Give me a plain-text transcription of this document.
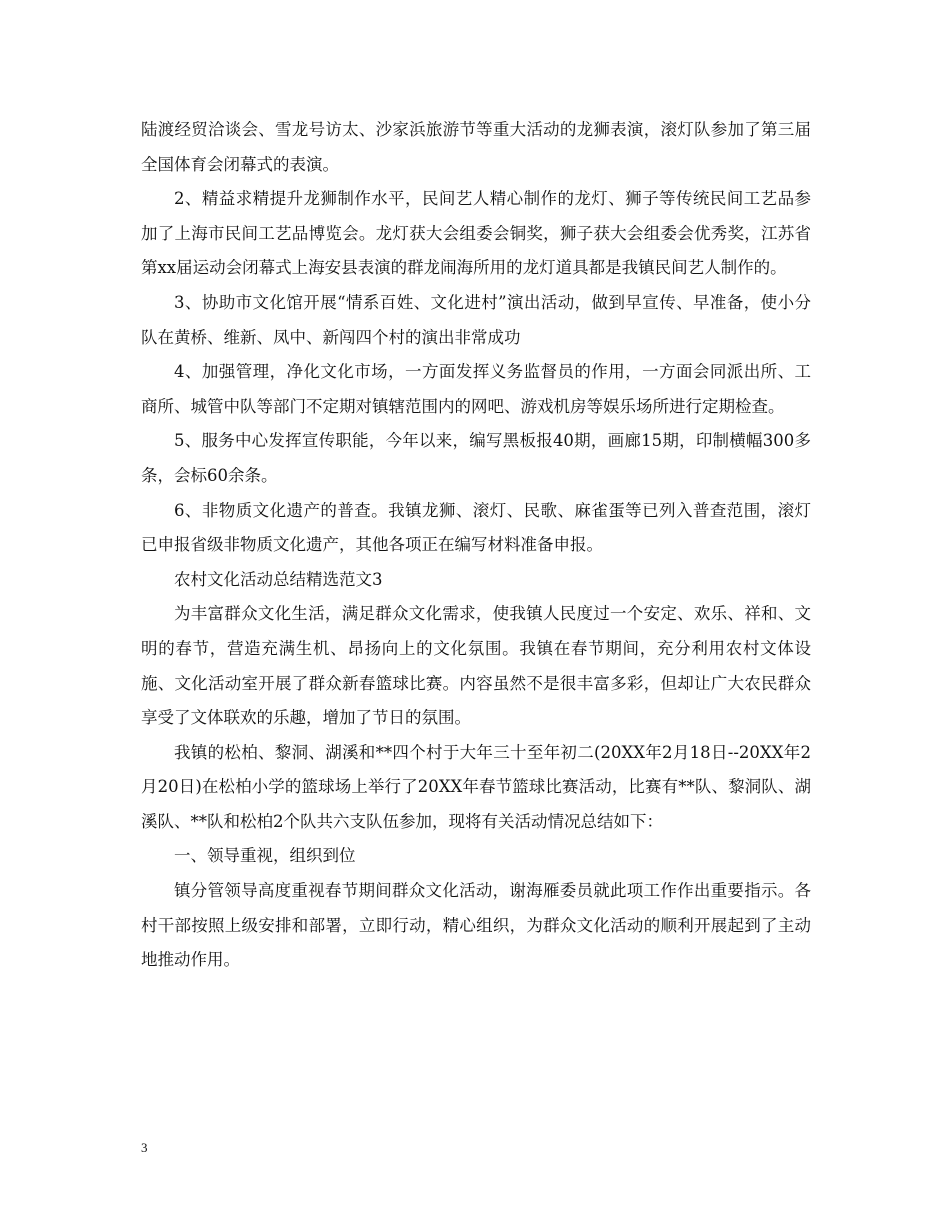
陆渡经贸洽谈会、雪龙号访太、沙家浜旅游节等重大活动的龙狮表演，滚灯队参加了第三届全国体育会闭幕式的表演。

2、精益求精提升龙狮制作水平，民间艺人精心制作的龙灯、狮子等传统民间工艺品参加了上海市民间工艺品博览会。龙灯获大会组委会铜奖，狮子获大会组委会优秀奖，江苏省第xx届运动会闭幕式上海安县表演的群龙闹海所用的龙灯道具都是我镇民间艺人制作的。

3、协助市文化馆开展“情系百姓、文化进村”演出活动，做到早宣传、早准备，使小分队在黄桥、维新、凤中、新闯四个村的演出非常成功

4、加强管理，净化文化市场，一方面发挥义务监督员的作用，一方面会同派出所、工商所、城管中队等部门不定期对镇辖范围内的网吧、游戏机房等娱乐场所进行定期检查。

5、服务中心发挥宣传职能，今年以来，编写黑板报40期，画廊15期，印制横幅300多条，会标60余条。

6、非物质文化遗产的普查。我镇龙狮、滚灯、民歌、麻雀蛋等已列入普查范围，滚灯已申报省级非物质文化遗产，其他各项正在编写材料准备申报。

农村文化活动总结精选范文3

为丰富群众文化生活，满足群众文化需求，使我镇人民度过一个安定、欢乐、祥和、文明的春节，营造充满生机、昂扬向上的文化氛围。我镇在春节期间，充分利用农村文体设施、文化活动室开展了群众新春篮球比赛。内容虽然不是很丰富多彩，但却让广大农民群众享受了文体联欢的乐趣，增加了节日的氛围。

我镇的松柏、黎洞、湖溪和**四个村于大年三十至年初二(20XX年2月18日--20XX年2月20日)在松柏小学的篮球场上举行了20XX年春节篮球比赛活动，比赛有**队、黎洞队、湖溪队、**队和松柏2个队共六支队伍参加，现将有关活动情况总结如下：

一、领导重视，组织到位

镇分管领导高度重视春节期间群众文化活动，谢海雁委员就此项工作作出重要指示。各村干部按照上级安排和部署，立即行动，精心组织，为群众文化活动的顺利开展起到了主动地推动作用。

3
